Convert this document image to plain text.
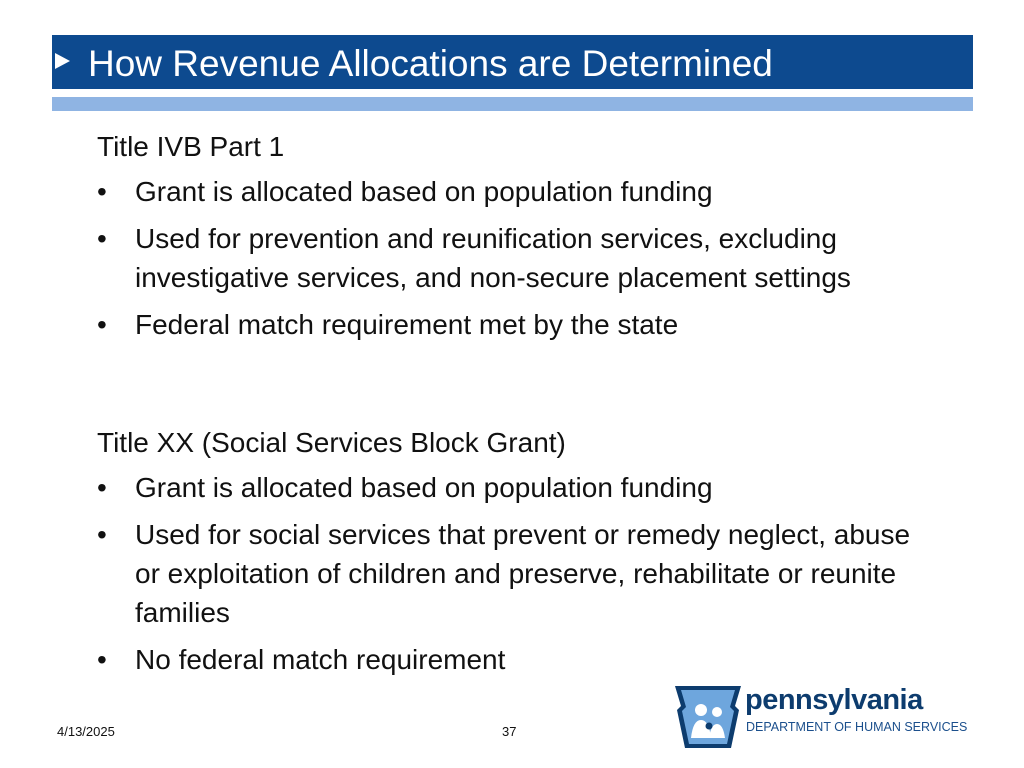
How Revenue Allocations are Determined
Title IVB Part 1
• Grant is allocated based on population funding
• Used for prevention and reunification services, excluding investigative services, and non-secure placement settings
• Federal match requirement met by the state
Title XX (Social Services Block Grant)
• Grant is allocated based on population funding
• Used for social services that prevent or remedy neglect, abuse or exploitation of children and preserve, rehabilitate or reunite families
• No federal match requirement
4/13/2025	37
pennsylvania
DEPARTMENT OF HUMAN SERVICES
